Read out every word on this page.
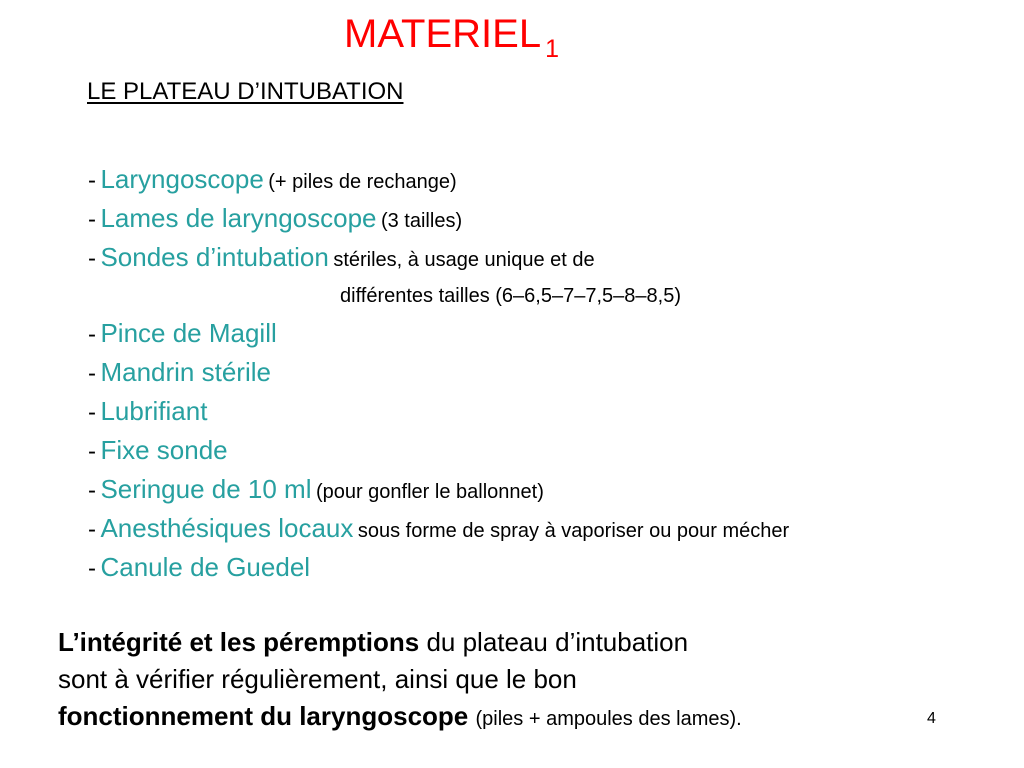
MATERIEL $_1$
LE PLATEAU D’INTUBATION
- Laryngoscope (+ piles de rechange)
- Lames de laryngoscope (3 tailles)
- Sondes d’intubation stériles, à usage unique et de
différentes tailles (6–6,5–7–7,5–8–8,5)
- Pince de Magill
- Mandrin stérile
- Lubrifiant
- Fixe sonde
- Seringue de 10 ml (pour gonfler le ballonnet)
- Anesthésiques locaux sous forme de spray à vaporiser ou pour mécher
- Canule de Guedel
L’intégrité et les péremptions du plateau d’intubation
sont à vérifier régulièrement, ainsi que le bon
fonctionnement du laryngoscope (piles + ampoules des lames).	4
